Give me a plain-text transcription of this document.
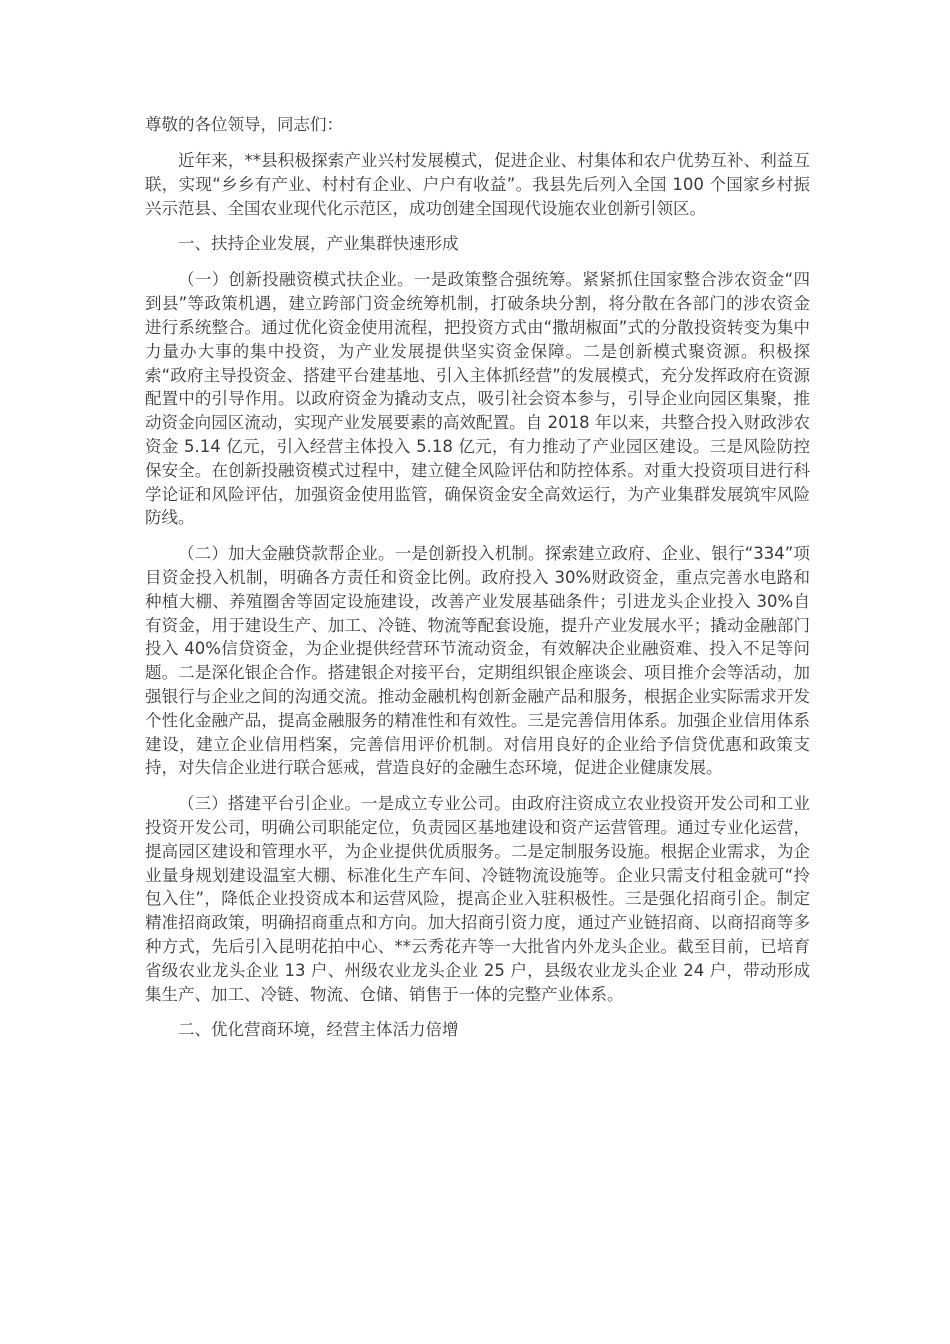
尊敬的各位领导，同志们：

近年来，**县积极探索产业兴村发展模式，促进企业、村集体和农户优势互补、利益互联，实现“乡乡有产业、村村有企业、户户有收益”。我县先后列入全国 100 个国家乡村振兴示范县、全国农业现代化示范区，成功创建全国现代设施农业创新引领区。

一、扶持企业发展，产业集群快速形成

（一）创新投融资模式扶企业。一是政策整合强统筹。紧紧抓住国家整合涉农资金“四到县”等政策机遇，建立跨部门资金统筹机制，打破条块分割，将分散在各部门的涉农资金进行系统整合。通过优化资金使用流程，把投资方式由“撒胡椒面”式的分散投资转变为集中力量办大事的集中投资，为产业发展提供坚实资金保障。二是创新模式聚资源。积极探索“政府主导投资金、搭建平台建基地、引入主体抓经营”的发展模式，充分发挥政府在资源配置中的引导作用。以政府资金为撬动支点，吸引社会资本参与，引导企业向园区集聚，推动资金向园区流动，实现产业发展要素的高效配置。自 2018 年以来，共整合投入财政涉农资金 5.14 亿元，引入经营主体投入 5.18 亿元，有力推动了产业园区建设。三是风险防控保安全。在创新投融资模式过程中，建立健全风险评估和防控体系。对重大投资项目进行科学论证和风险评估，加强资金使用监管，确保资金安全高效运行，为产业集群发展筑牢风险防线。

（二）加大金融贷款帮企业。一是创新投入机制。探索建立政府、企业、银行“334”项目资金投入机制，明确各方责任和资金比例。政府投入 30%财政资金，重点完善水电路和种植大棚、养殖圈舍等固定设施建设，改善产业发展基础条件；引进龙头企业投入 30%自有资金，用于建设生产、加工、冷链、物流等配套设施，提升产业发展水平；撬动金融部门投入 40%信贷资金，为企业提供经营环节流动资金，有效解决企业融资难、投入不足等问题。二是深化银企合作。搭建银企对接平台，定期组织银企座谈会、项目推介会等活动，加强银行与企业之间的沟通交流。推动金融机构创新金融产品和服务，根据企业实际需求开发个性化金融产品，提高金融服务的精准性和有效性。三是完善信用体系。加强企业信用体系建设，建立企业信用档案，完善信用评价机制。对信用良好的企业给予信贷优惠和政策支持，对失信企业进行联合惩戒，营造良好的金融生态环境，促进企业健康发展。

（三）搭建平台引企业。一是成立专业公司。由政府注资成立农业投资开发公司和工业投资开发公司，明确公司职能定位，负责园区基地建设和资产运营管理。通过专业化运营，提高园区建设和管理水平，为企业提供优质服务。二是定制服务设施。根据企业需求，为企业量身规划建设温室大棚、标准化生产车间、冷链物流设施等。企业只需支付租金就可“拎包入住”，降低企业投资成本和运营风险，提高企业入驻积极性。三是强化招商引企。制定精准招商政策，明确招商重点和方向。加大招商引资力度，通过产业链招商、以商招商等多种方式，先后引入昆明花拍中心、**云秀花卉等一大批省内外龙头企业。截至目前，已培育省级农业龙头企业 13 户、州级农业龙头企业 25 户，县级农业龙头企业 24 户，带动形成集生产、加工、冷链、物流、仓储、销售于一体的完整产业体系。

二、优化营商环境，经营主体活力倍增
